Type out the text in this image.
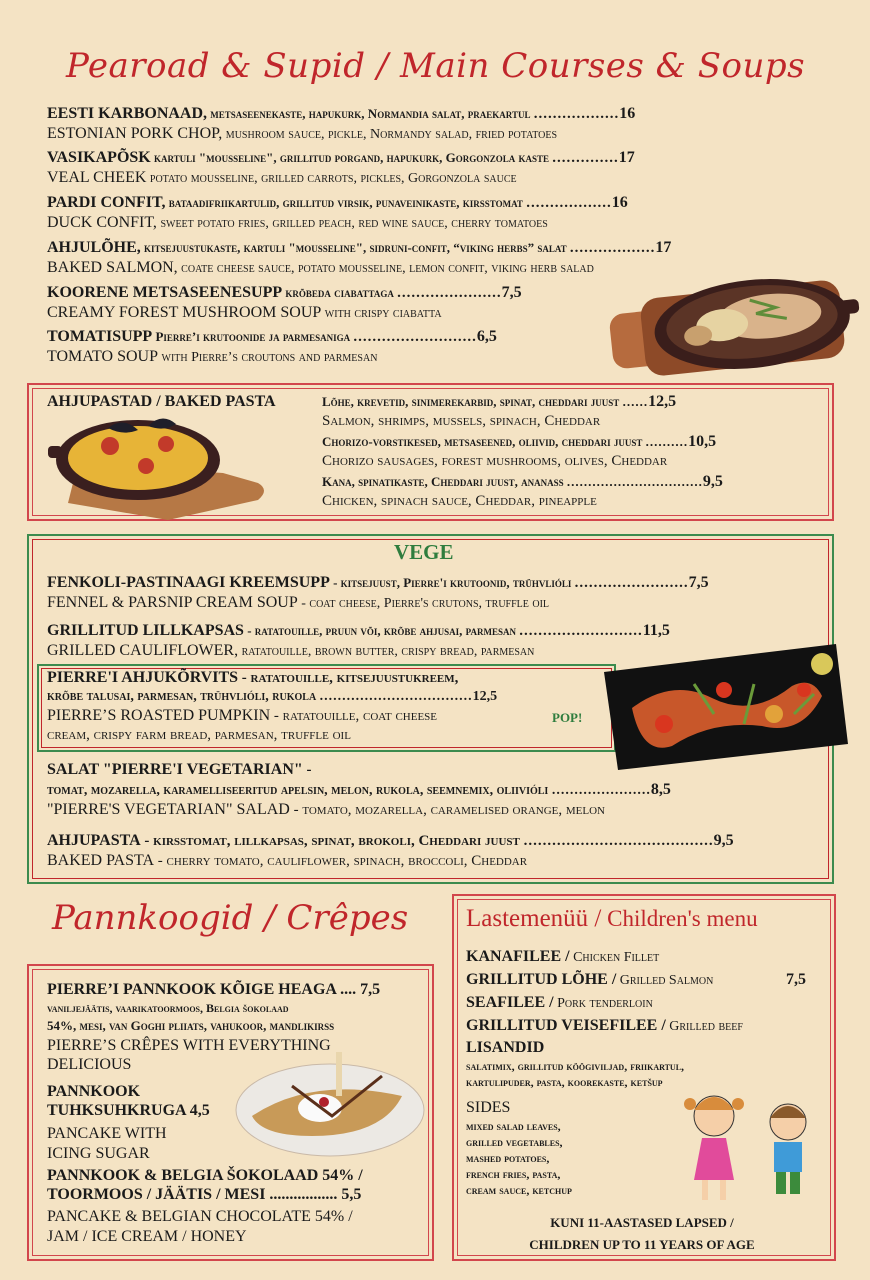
Pearoad & Supid / Main Courses & Soups
EESTI KARBONAAD, metsaseenekaste, hapukurk, Normandia salat, praekartul ..................16
ESTONIAN PORK CHOP, mushroom sauce, pickle, Normandy salad, fried potatoes
VASIKAPÕSK kartuli "mousseline", grillitud porgand, hapukurk, Gorgonzola kaste ..............17
VEAL CHEEK potato mousseline, grilled carrots, pickles, Gorgonzola sauce
PARDI CONFIT, bataadifriikartulid, grillitud virsik, punaveinikaste, kirsstomat ..................16
DUCK CONFIT, sweet potato fries, grilled peach, red wine sauce, cherry tomatoes
AHJULÕHE, kitsejuustukaste, kartuli "mousseline", sidruni-confit, “viking herbs” salat ..................17
BAKED SALMON, coate cheese sauce, potato mousseline, lemon confit, viking herb salad
KOORENE METSASEENESUPP krõbeda ciabattaga ......................7,5
CREAMY FOREST MUSHROOM SOUP with crispy ciabatta
TOMATISUPP Pierre’i krutoonide ja parmesaniga ..........................6,5
TOMATO SOUP with Pierre’s croutons and parmesan
AHJUPASTAD / BAKED PASTA	Lõhe, krevetid, sinimerekarbid, spinat, cheddari juust ......12,5
Salmon, shrimps, mussels, spinach, Cheddar
Chorizo-vorstikesed, metsaseened, oliivid, cheddari juust ..........10,5
Chorizo sausages, forest mushrooms, olives, Cheddar
Kana, spinatikaste, Cheddari juust, ananass ................................9,5
Chicken, spinach sauce, Cheddar, pineapple
VEGE
FENKOLI-PASTINAAGI KREEMSUPP - kitsejuust, Pierre'i krutoonid, trühvlióli ........................7,5
FENNEL & PARSNIP CREAM SOUP - coat cheese, Pierre's crutons, truffle oil
GRILLITUD LILLKAPSAS - ratatouille, pruun või, krõbe ahjusai, parmesan ..........................11,5
GRILLED CAULIFLOWER, ratatouille, brown butter, crispy bread, parmesan
PIERRE'I AHJUKÕRVITS - ratatouille, kitsejuustukreem,
krõbe talusai, parmesan, trühvlióli, rukola ..................................12,5
PIERRE’S ROASTED PUMPKIN - ratatouille, coat cheese
cream, crispy farm bread, parmesan, truffle oil
POP!
SALAT "PIERRE'I VEGETARIAN" -
tomat, mozarella, karamelliseeritud apelsin, melon, rukola, seemnemix, oliivióli ......................8,5
"PIERRE'S VEGETARIAN" SALAD - tomato, mozarella, caramelised orange, melon
AHJUPASTA - kirsstomat, lillkapsas, spinat, brokoli, Cheddari juust ........................................9,5
BAKED PASTA - cherry tomato, cauliflower, spinach, broccoli, Cheddar
Pannkoogid / Crêpes
PIERRE’I PANNKOOK KÕIGE HEAGA .... 7,5
vaniljejäätis, vaarikatoormoos, Belgia šokolaad
54%, mesi, van Goghi pliiats, vahukoor, mandlikirss
PIERRE’S CRÊPES WITH EVERYTHING
DELICIOUS
PANNKOOK
TUHKSUHKRUGA 4,5
PANCAKE WITH
ICING SUGAR
PANNKOOK & BELGIA ŠOKOLAAD 54% /
TOORMOOS / JÄÄTIS / MESI ................. 5,5
PANCAKE & BELGIAN CHOCOLATE 54% /
JAM / ICE CREAM / HONEY
Lastemenüü / Children's menu
KANAFILEE / Chicken Fillet
GRILLITUD LÕHE / Grilled Salmon
SEAFILEE / Pork tenderloin
GRILLITUD VEISEFILEE / Grilled beef
7,5
LISANDID
salatimix, grillitud köögiviljad, friikartul,
kartulipuder, pasta, koorekaste, ketšup
SIDES
mixed salad leaves,
grilled vegetables,
mashed potatoes,
french fries, pasta,
cream sauce, ketchup
KUNI 11-AASTASED LAPSED /
CHILDREN UP TO 11 YEARS OF AGE
